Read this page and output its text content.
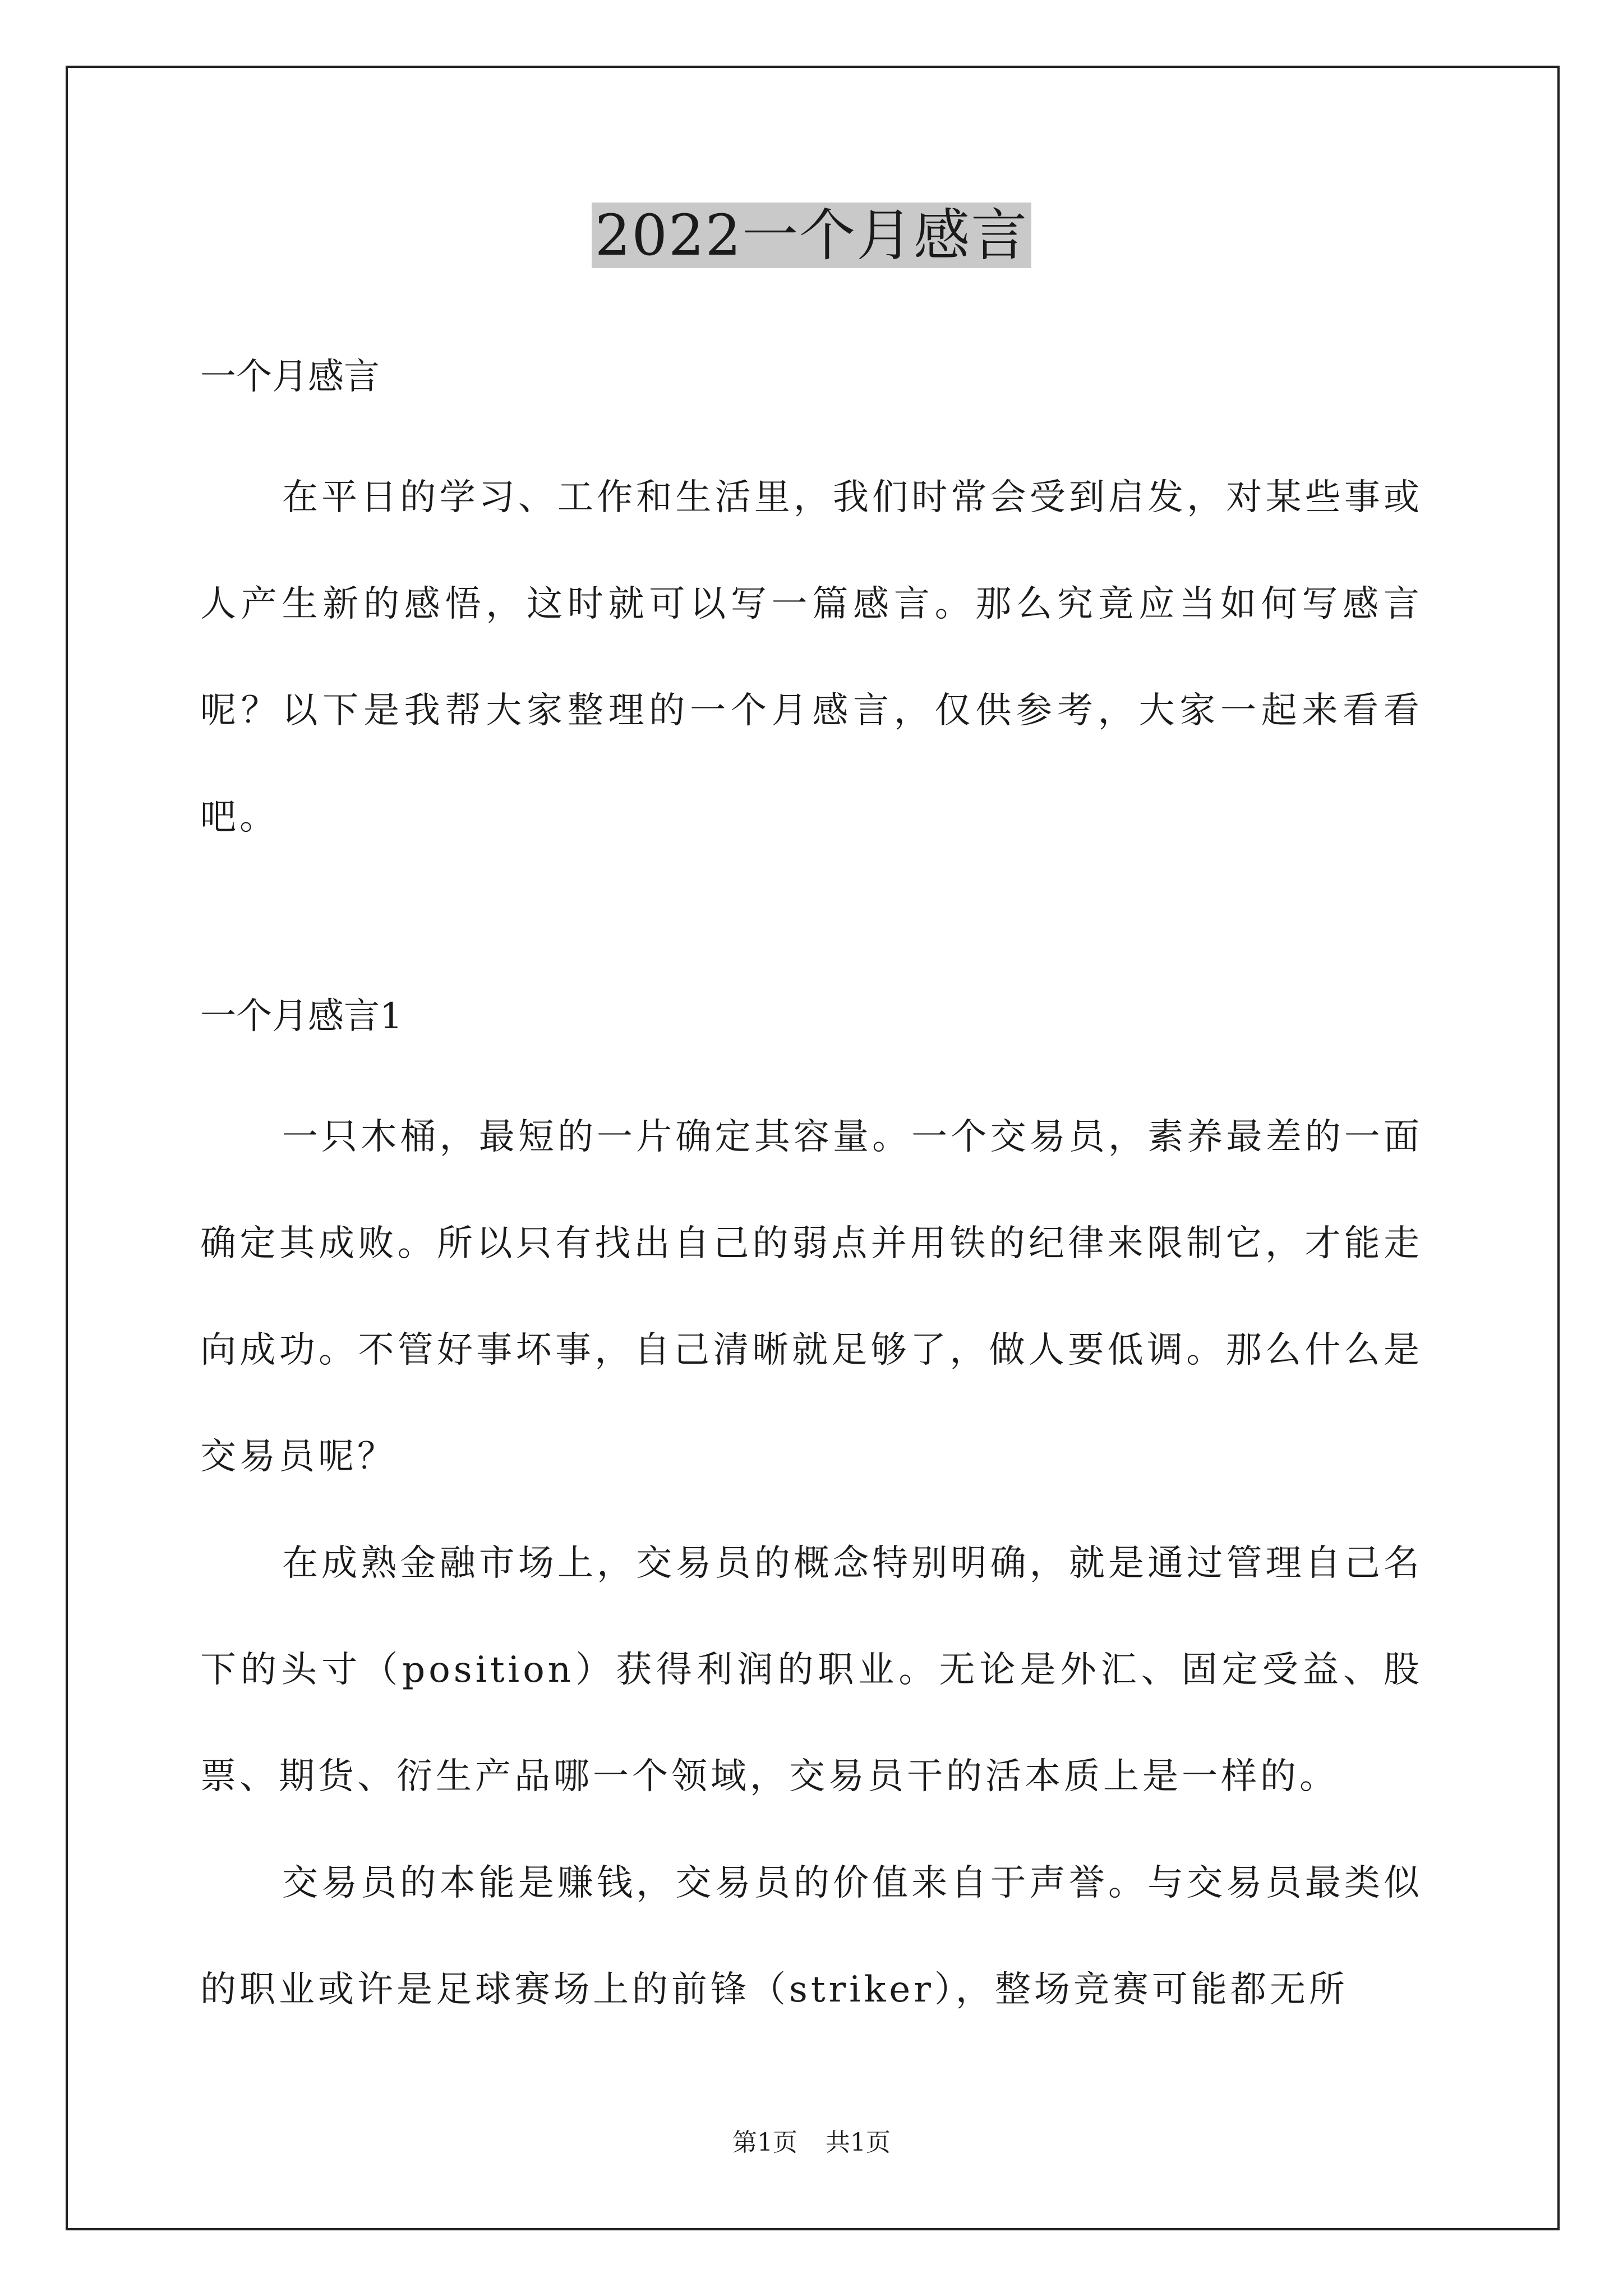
2022一个月感言

一个月感言

在平日的学习、工作和生活里，我们时常会受到启发，对某些事或人产生新的感悟，这时就可以写一篇感言。那么究竟应当如何写感言呢？以下是我帮大家整理的一个月感言，仅供参考，大家一起来看看吧。

一个月感言1

一只木桶，最短的一片确定其容量。一个交易员，素养最差的一面确定其成败。所以只有找出自己的弱点并用铁的纪律来限制它，才能走向成功。不管好事坏事，自己清晰就足够了，做人要低调。那么什么是交易员呢？

在成熟金融市场上，交易员的概念特别明确，就是通过管理自己名下的头寸（position）获得利润的职业。无论是外汇、固定受益、股票、期货、衍生产品哪一个领域，交易员干的活本质上是一样的。

交易员的本能是赚钱，交易员的价值来自于声誉。与交易员最类似的职业或许是足球赛场上的前锋（striker），整场竞赛可能都无所

第1页 共1页
